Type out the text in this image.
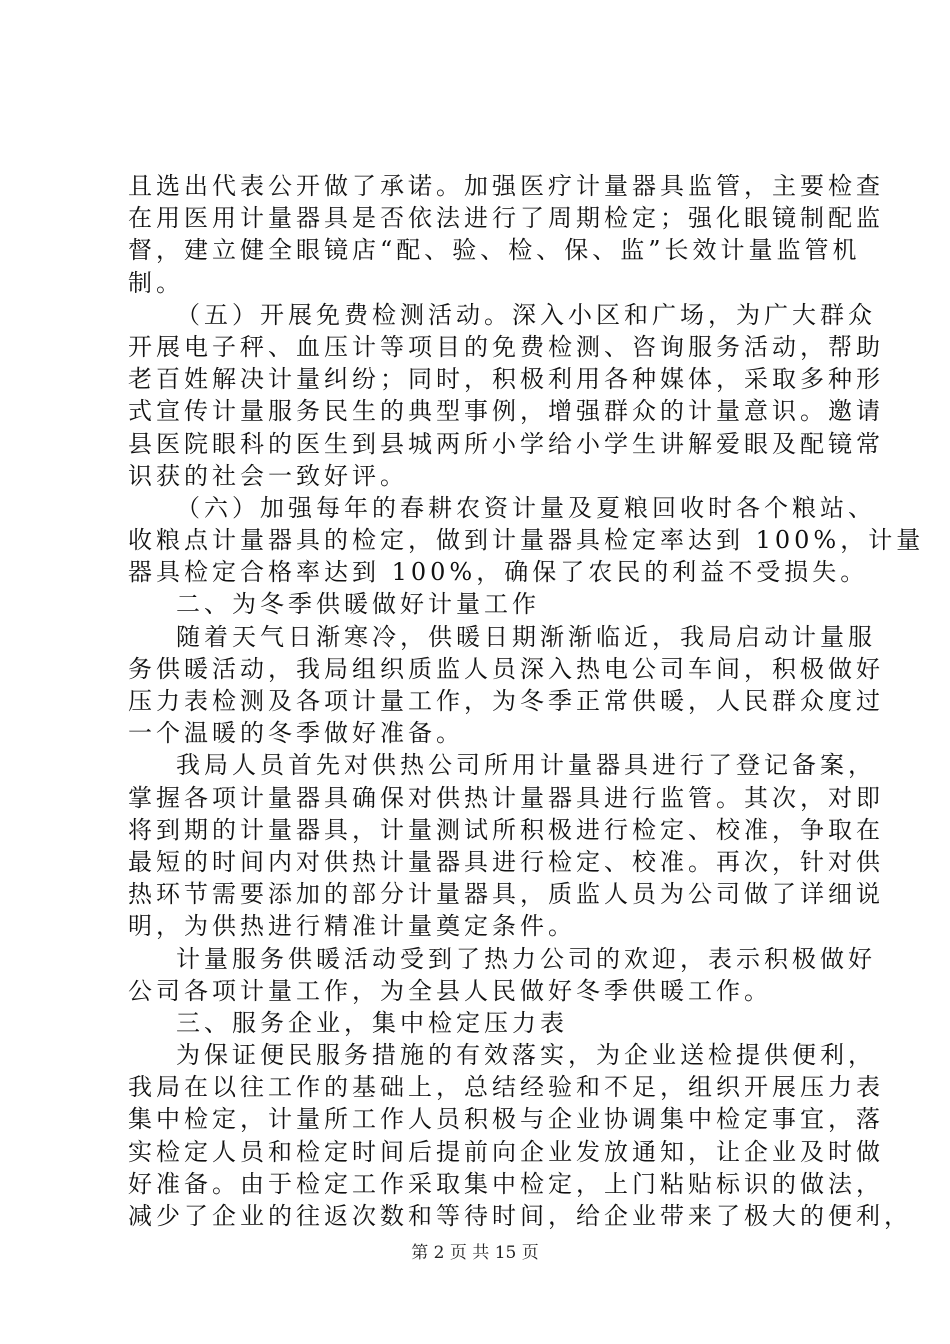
且选出代表公开做了承诺。加强医疗计量器具监管，主要检查
在用医用计量器具是否依法进行了周期检定；强化眼镜制配监
督，建立健全眼镜店“配、验、检、保、监”长效计量监管机
制。
（五）开展免费检测活动。深入小区和广场，为广大群众
开展电子秤、血压计等项目的免费检测、咨询服务活动，帮助
老百姓解决计量纠纷；同时，积极利用各种媒体，采取多种形
式宣传计量服务民生的典型事例，增强群众的计量意识。邀请
县医院眼科的医生到县城两所小学给小学生讲解爱眼及配镜常
识获的社会一致好评。
（六）加强每年的春耕农资计量及夏粮回收时各个粮站、
收粮点计量器具的检定，做到计量器具检定率达到 100%，计量
器具检定合格率达到 100%，确保了农民的利益不受损失。
二、为冬季供暖做好计量工作
随着天气日渐寒冷，供暖日期渐渐临近，我局启动计量服
务供暖活动，我局组织质监人员深入热电公司车间，积极做好
压力表检测及各项计量工作，为冬季正常供暖，人民群众度过
一个温暖的冬季做好准备。
我局人员首先对供热公司所用计量器具进行了登记备案，
掌握各项计量器具确保对供热计量器具进行监管。其次，对即
将到期的计量器具，计量测试所积极进行检定、校准，争取在
最短的时间内对供热计量器具进行检定、校准。再次，针对供
热环节需要添加的部分计量器具，质监人员为公司做了详细说
明，为供热进行精准计量奠定条件。
计量服务供暖活动受到了热力公司的欢迎，表示积极做好
公司各项计量工作，为全县人民做好冬季供暖工作。
三、服务企业，集中检定压力表
为保证便民服务措施的有效落实，为企业送检提供便利，
我局在以往工作的基础上，总结经验和不足，组织开展压力表
集中检定，计量所工作人员积极与企业协调集中检定事宜，落
实检定人员和检定时间后提前向企业发放通知，让企业及时做
好准备。由于检定工作采取集中检定，上门粘贴标识的做法，
减少了企业的往返次数和等待时间，给企业带来了极大的便利，
第 2 页 共 15 页
